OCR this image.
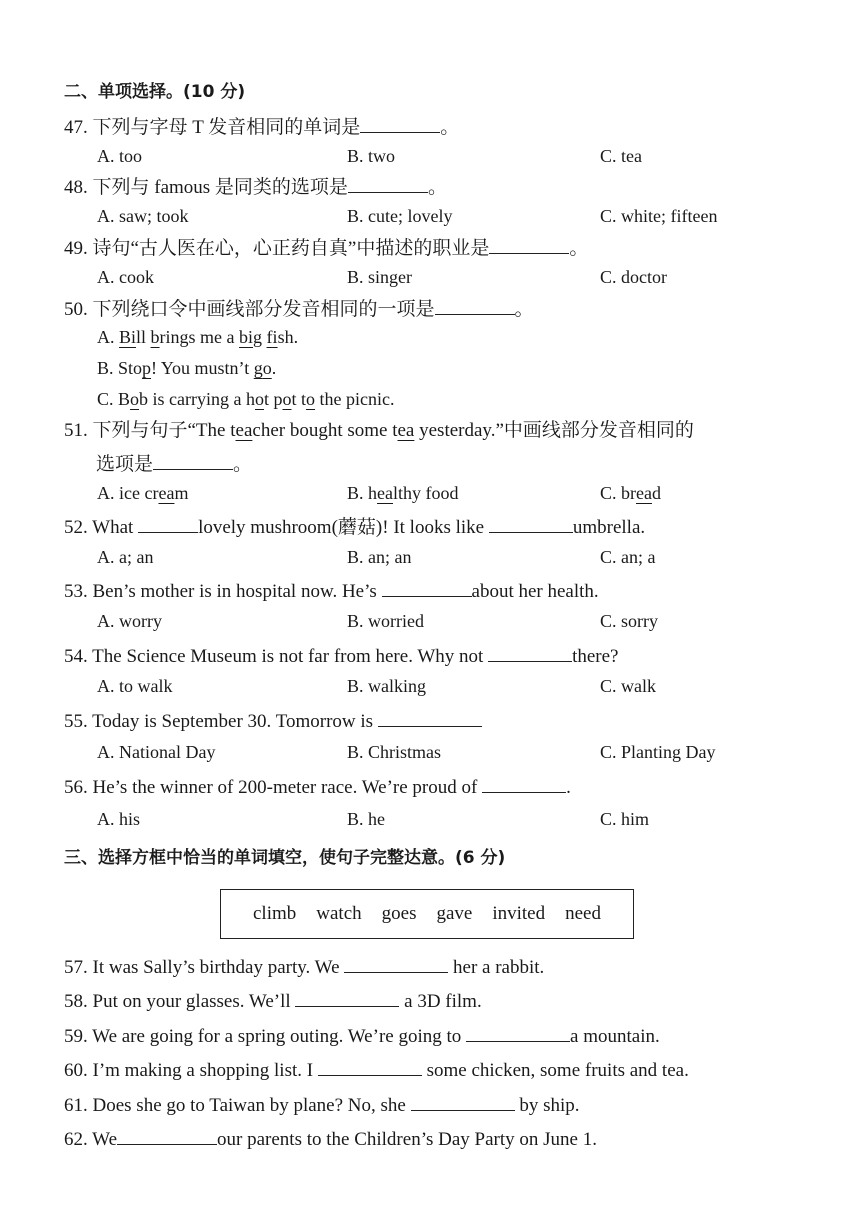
二、单项选择。(10 分)
47. 下列与字母 T 发音相同的单词是	。
A. too	B. two	C. tea
48. 下列与 famous 是同类的选项是	。
A. saw; took	B. cute; lovely	C. white; fifteen
49. 诗句“古人医在心，心正药自真”中描述的职业是	。
A. cook	B. singer	C. doctor
50. 下列绕口令中画线部分发音相同的一项是	。
A. Bill brings me a big fish.
B. Stop! You mustn’t go.
C. Bob is carrying a hot pot to the picnic.
51. 下列与句子“The teacher bought some tea yesterday.”中画线部分发音相同的
选项是	。
A. ice cream	B. healthy food	C. bread
52. What	lovely mushroom(蘑菇)! It looks like	umbrella.
A. a; an	B. an; an	C. an; a
53. Ben’s mother is in hospital now. He’s	about her health.
A. worry	B. worried	C. sorry
54. The Science Museum is not far from here. Why not	there?
A. to walk	B. walking	C. walk
55. Today is September 30. Tomorrow is
A. National Day	B. Christmas	C. Planting Day
56. He’s the winner of 200-meter race. We’re proud of	.
A. his	B. he	C. him
三、选择方框中恰当的单词填空，使句子完整达意。(6 分)
climb watch goes gave invited need
57. It was Sally’s birthday party. We	her a rabbit.
58. Put on your glasses. We’ll	a 3D film.
59. We are going for a spring outing. We’re going to	a mountain.
60. I’m making a shopping list. I	some chicken, some fruits and tea.
61. Does she go to Taiwan by plane? No, she	by ship.
62. We	our parents to the Children’s Day Party on June 1.
